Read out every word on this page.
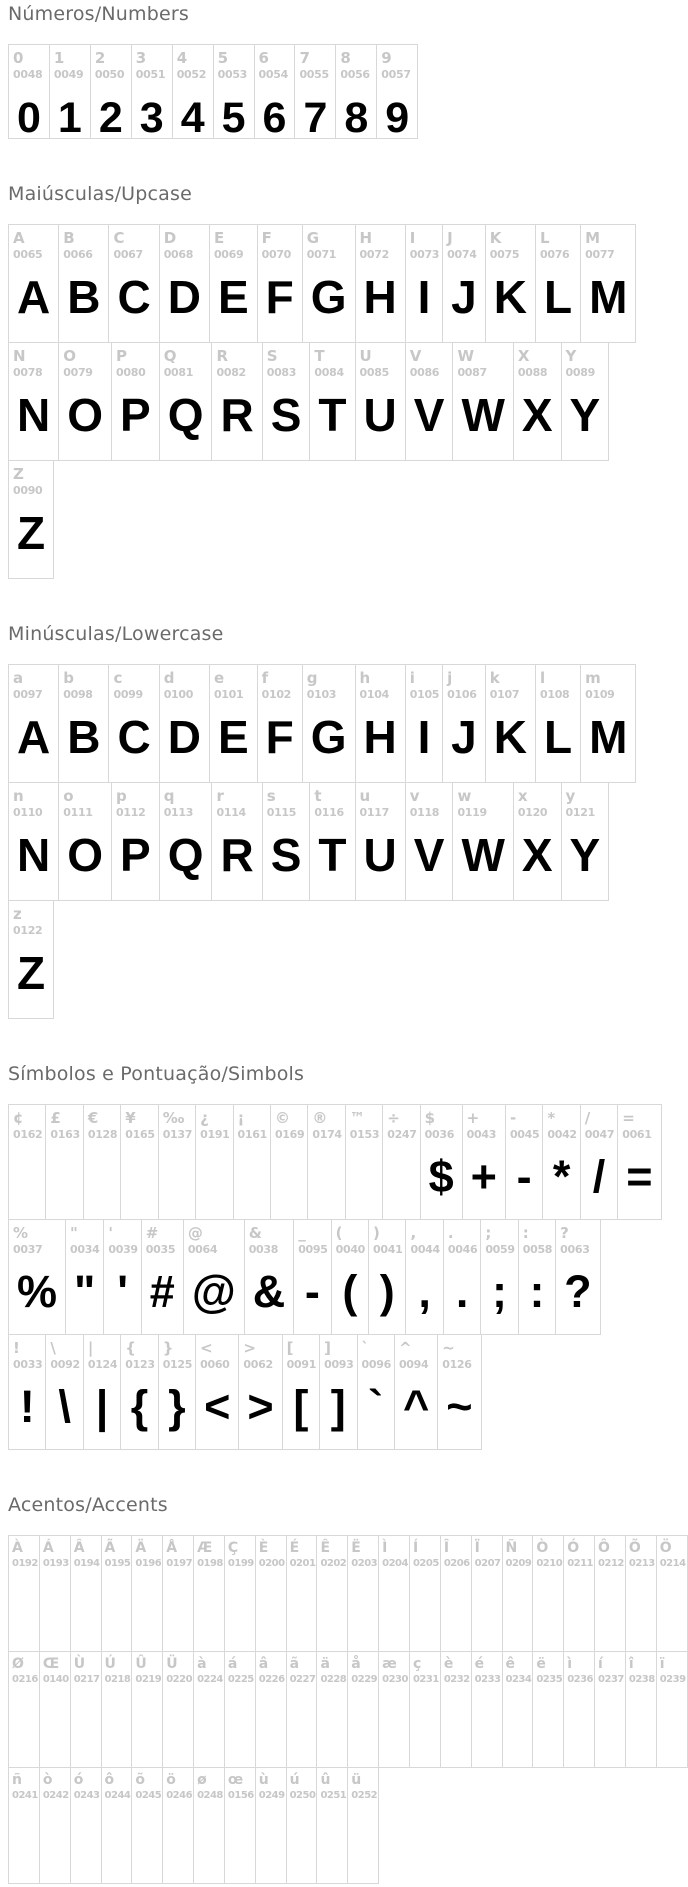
Números/Numbers
0
0048
0
1
0049
1
2
0050
2
3
0051
3
4
0052
4
5
0053
5
6
0054
6
7
0055
7
8
0056
8
9
0057
9
Maiúsculas/Upcase
A
0065
A
B
0066
B
C
0067
C
D
0068
D
E
0069
E
F
0070
F
G
0071
G
H
0072
H
I
0073
I
J
0074
J
K
0075
K
L
0076
L
M
0077
M
N
0078
N
O
0079
O
P
0080
P
Q
0081
Q
R
0082
R
S
0083
S
T
0084
T
U
0085
U
V
0086
V
W
0087
W
X
0088
X
Y
0089
Y
Z
0090
Z
Minúsculas/Lowercase
a
0097
A
b
0098
B
c
0099
C
d
0100
D
e
0101
E
f
0102
F
g
0103
G
h
0104
H
i
0105
I
j
0106
J
k
0107
K
l
0108
L
m
0109
M
n
0110
N
o
0111
O
p
0112
P
q
0113
Q
r
0114
R
s
0115
S
t
0116
T
u
0117
U
v
0118
V
w
0119
W
x
0120
X
y
0121
Y
z
0122
Z
Símbolos e Pontuação/Simbols
¢
0162
£
0163
€
0128
¥
0165
‰
0137
¿
0191
¡
0161
©
0169
®
0174
™
0153
÷
0247
$
0036
$
+
0043
+
-
0045
-
*
0042
*
/
0047
/
=
0061
=
%
0037
%
"
0034
"
'
0039
'
#
0035
#
@
0064
@
&
0038
&
_
0095
-
(
0040
(
)
0041
)
,
0044
,
.
0046
.
;
0059
;
:
0058
:
?
0063
?
!
0033
!
\
0092
\
|
0124
|
{
0123
{
}
0125
}
<
0060
<
>
0062
>
[
0091
[
]
0093
]
`
0096
`
^
0094
^
~
0126
~
Acentos/Accents
À
0192
Á
0193
Â
0194
Ã
0195
Ä
0196
Å
0197
Æ
0198
Ç
0199
È
0200
É
0201
Ê
0202
Ë
0203
Ì
0204
Í
0205
Î
0206
Ï
0207
Ñ
0209
Ò
0210
Ó
0211
Ô
0212
Õ
0213
Ö
0214
Ø
0216
Œ
0140
Ù
0217
Ú
0218
Û
0219
Ü
0220
à
0224
á
0225
â
0226
ã
0227
ä
0228
å
0229
æ
0230
ç
0231
è
0232
é
0233
ê
0234
ë
0235
ì
0236
í
0237
î
0238
ï
0239
ñ
0241
ò
0242
ó
0243
ô
0244
õ
0245
ö
0246
ø
0248
œ
0156
ù
0249
ú
0250
û
0251
ü
0252
